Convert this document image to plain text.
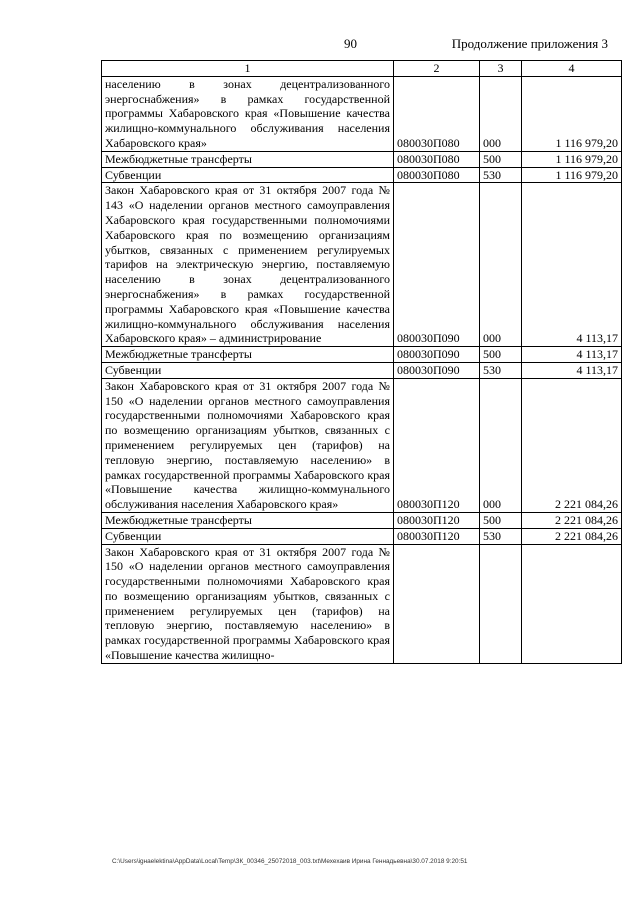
90	Продолжение приложения 3
1	2	3	4
населению в зонах децентрализованного энергоснабжения» в рамках государственной программы Хабаровского края «Повышение качества жилищно-коммунального обслуживания населения Хабаровского края»	080030П080	000	1 116 979,20
Межбюджетные трансферты	080030П080	500	1 116 979,20
Субвенции	080030П080	530	1 116 979,20
Закон Хабаровского края от 31 октября 2007 года № 143 «О наделении органов местного самоуправления Хабаровского края государственными полномочиями Хабаровского края по возмещению организациям убытков, связанных с применением регулируемых тарифов на электрическую энергию, поставляемую населению в зонах децентрализованного энергоснабжения» в рамках государственной программы Хабаровского края «Повышение качества жилищно-коммунального обслуживания населения Хабаровского края» – администрирование	080030П090	000	4 113,17
Межбюджетные трансферты	080030П090	500	4 113,17
Субвенции	080030П090	530	4 113,17
Закон Хабаровского края от 31 октября 2007 года № 150 «О наделении органов местного самоуправления государственными полномочиями Хабаровского края по возмещению организациям убытков, связанных с применением регулируемых цен (тарифов) на тепловую энергию, поставляемую населению» в рамках государственной программы Хабаровского края «Повышение качества жилищно-коммунального обслуживания населения Хабаровского края»	080030П120	000	2 221 084,26
Межбюджетные трансферты	080030П120	500	2 221 084,26
Субвенции	080030П120	530	2 221 084,26
Закон Хабаровского края от 31 октября 2007 года № 150 «О наделении органов местного самоуправления государственными полномочиями Хабаровского края по возмещению организациям убытков, связанных с применением регулируемых цен (тарифов) на тепловую энергию, поставляемую населению» в рамках государственной программы Хабаровского края «Повышение качества жилищно-			
C:\Users\igнaelektina\AppData\Local\Temp\ЗК_00346_25072018_003.txt\Мехехаив Ирина Геннадьевна\30.07.2018 9:20:51
